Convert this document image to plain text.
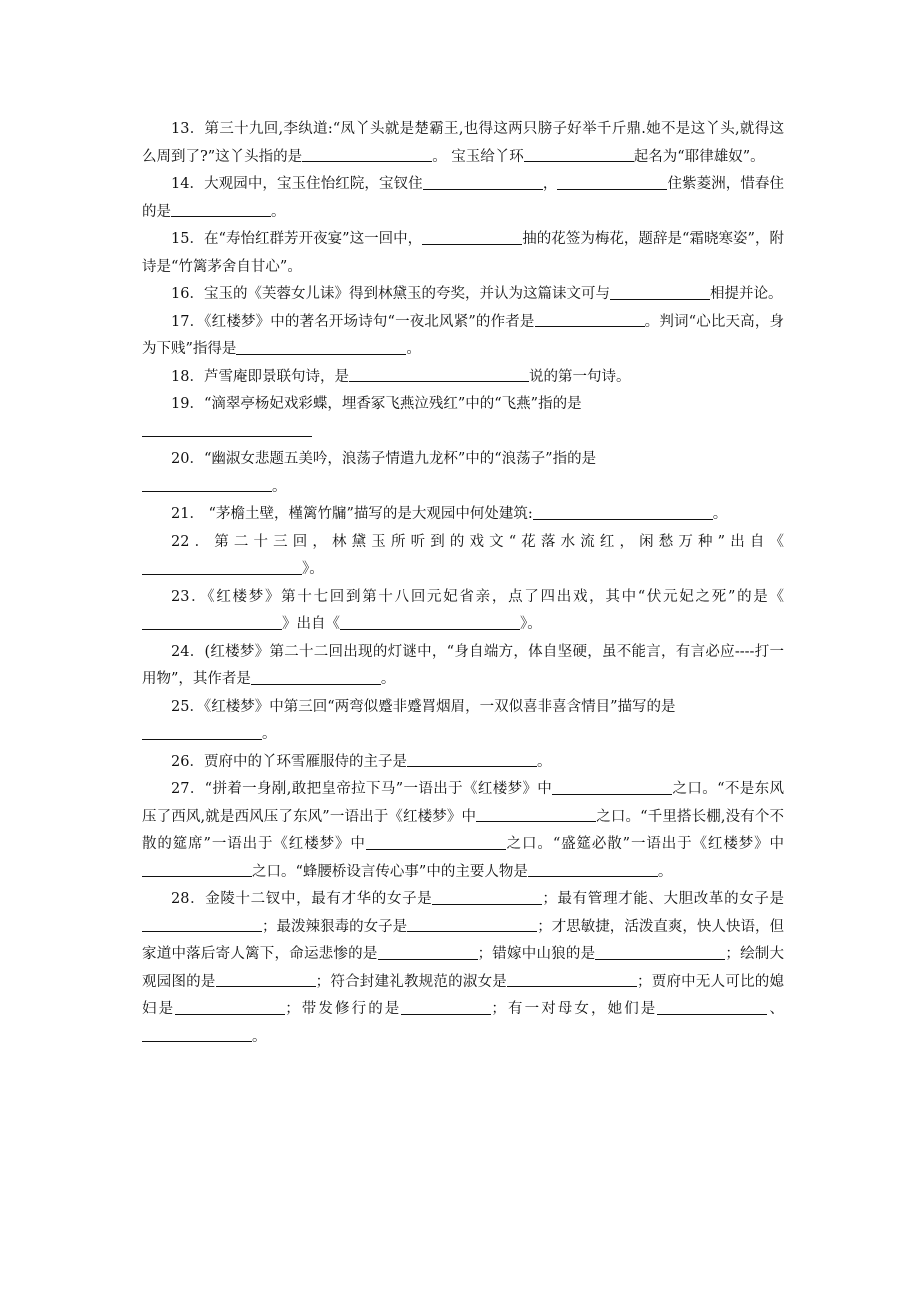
13．第三十九回,李纨道:“凤丫头就是楚霸王,也得这两只膀子好举千斤鼎.她不是这丫头,就得这么周到了?”这丫头指的是	。 宝玉给丫环	起名为“耶律雄奴”。

14．大观园中，宝玉住怡红院，宝钗住	，	住紫菱洲，惜春住的是	。

15．在“寿怡红群芳开夜宴”这一回中，	抽的花签为梅花，题辞是“霜晓寒姿”，附诗是“竹篱茅舍自甘心”。

16．宝玉的《芙蓉女儿诔》得到林黛玉的夸奖，并认为这篇诔文可与	相提并论。

17．《红楼梦》中的著名开场诗句“一夜北风紧”的作者是	。判词“心比天高，身为下贱”指得是	。

18．芦雪庵即景联句诗，是	说的第一句诗。

19．“滴翠亭杨妃戏彩蝶，埋香冢飞燕泣残红”中的“飞燕”指的是

20．“幽淑女悲题五美吟，浪荡子情遣九龙杯”中的“浪荡子”指的是
。

21． “茅檐土壁，槿篱竹牖”描写的是大观园中何处建筑:	。

22．第二十三回，林黛玉所听到的戏文“花落水流红，闲愁万种”出自《》。

23．《红楼梦》第十七回到第十八回元妃省亲，点了四出戏，其中“伏元妃之死”的是《》出自《	》。

24．(红楼梦》第二十二回出现的灯谜中，“身自端方，体自坚硬，虽不能言，有言必应----打一用物”，其作者是	。

25．《红楼梦》中第三回“两弯似蹙非蹙罥烟眉，一双似喜非喜含情目”描写的是
。

26．贾府中的丫环雪雁服侍的主子是	。

27．“拼着一身剐,敢把皇帝拉下马”一语出于《红楼梦》中	之口。“不是东风压了西风,就是西风压了东风”一语出于《红楼梦》中	之口。“千里搭长棚,没有个不散的筵席”一语出于《红楼梦》中	之口。“盛筵必散”一语出于《红楼梦》中之口。“蜂腰桥设言传心事”中的主要人物是	。

28．金陵十二钗中，最有才华的女子是	；最有管理才能、大胆改革的女子是；最泼辣狠毒的女子是	；才思敏捷，活泼直爽，快人快语，但家道中落后寄人篱下，命运悲惨的是	；错嫁中山狼的是	；绘制大观园图的是	；符合封建礼教规范的淑女是	；贾府中无人可比的媳妇是	；带发修行的是	；有一对母女，她们是	、。
